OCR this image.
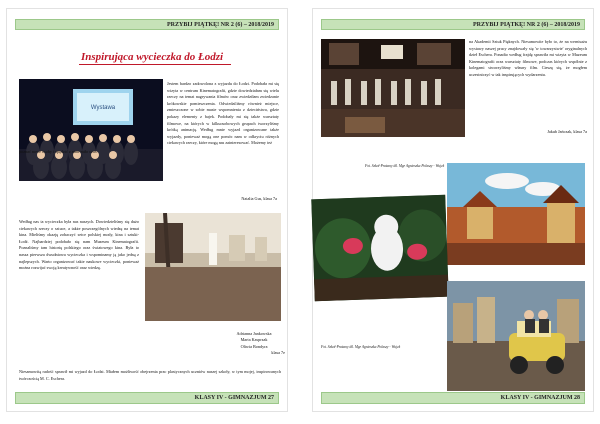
PRZYBIJ PIĄTKĘ! NR 2 (6) – 2018/2019
Inspirująca wycieczka do Łodzi
Wystawa
Jestem bardzo zadowolona z wyjazdu do Łodzi. Podobała mi się wizyta w centrum Kinematografii, gdzie dowiedziałam się wielu rzeczy na temat nagrywania filmów oraz zwiedziłam zwiedzanie krókowskie pomieszczenia. Odwiedziliśmy również miejsce, zmieszczone w sobie masie wspomnienia z dzieciństwa, gdzie pokazy elementy z bajek. Podobały mi się także warsztaty filmowe, na których w kilkuosobowych grupach tworzyliśmy krótką animację. Według mnie wyjazd organizowane także wyjazdy, ponieważ mogą one pomóc nam w odkryciu różnych ciekawych rzeczy, które mogą nas zainteresować. Możemy też
poznać nowe osoby i spędzić z nimi miło czas.
Natalia Gus, klasa 7a
Według nas ta wycieczka była nas naszych. Dowiedzieliśmy się dużo ciekawych rzeczy o sztuce, a także poszczególnych wiedzę na temat kina. Mieliśmy okazję zobaczyć setce polskiej mody, kina i sztuki- Łodź. Najbardziej podobało się nam Muzeum Kinematografii. Poznaliśmy tam historię polskiego oraz światowego kina. Była to nasza pierwsza dwudniowa wycieczka i wspominamy ją jako jedną z najlepszych. Warto organizować takie naukowe wycieczki, ponieważ można rozwijać swoją kreatywność oraz wiedzę.
Adrianna Jankowska
Marta Kasprzak
Oliwia Bondyra
klasa 7e
Niesamowitą radość sprawił mi wyjazd do Łodzi. Miałem możliwość obejrzenia prac plastycznych uczniów naszej szkoły, w tym mojej, inspirowanych twórczością M. C. Eschera.
KLASY IV - GIMNAZJUM 27
PRZYBIJ PIĄTKĘ! NR 2 (6) – 2018/2019
na Akademii Sztuk Pięknych. Niesamowite było to, że na wernisażu wystawy naszej pracy znajdowały się 'w towarzystwie' oryginalnych dzieł Eschera. Ponadto według frajdę sprawiła mi wizyta w Muzeum Kinematografii oraz warsztaty filmowe, podczas których wspólnie z kolegami stworzyliśmy własny film. Cieszę się, że mogłem uczestniczyć w tak inspirujących wydarzeniu.
Jakub Jańczak, klasa 7a
Fot. Szkoł-Prażany tkl. Mgr Agnieszka Polaszy - Wujek
Fot. Szkoł-Prażany tkl. Mgr Agnieszka Polaszy - Wujek
KLASY IV - GIMNAZJUM 28
